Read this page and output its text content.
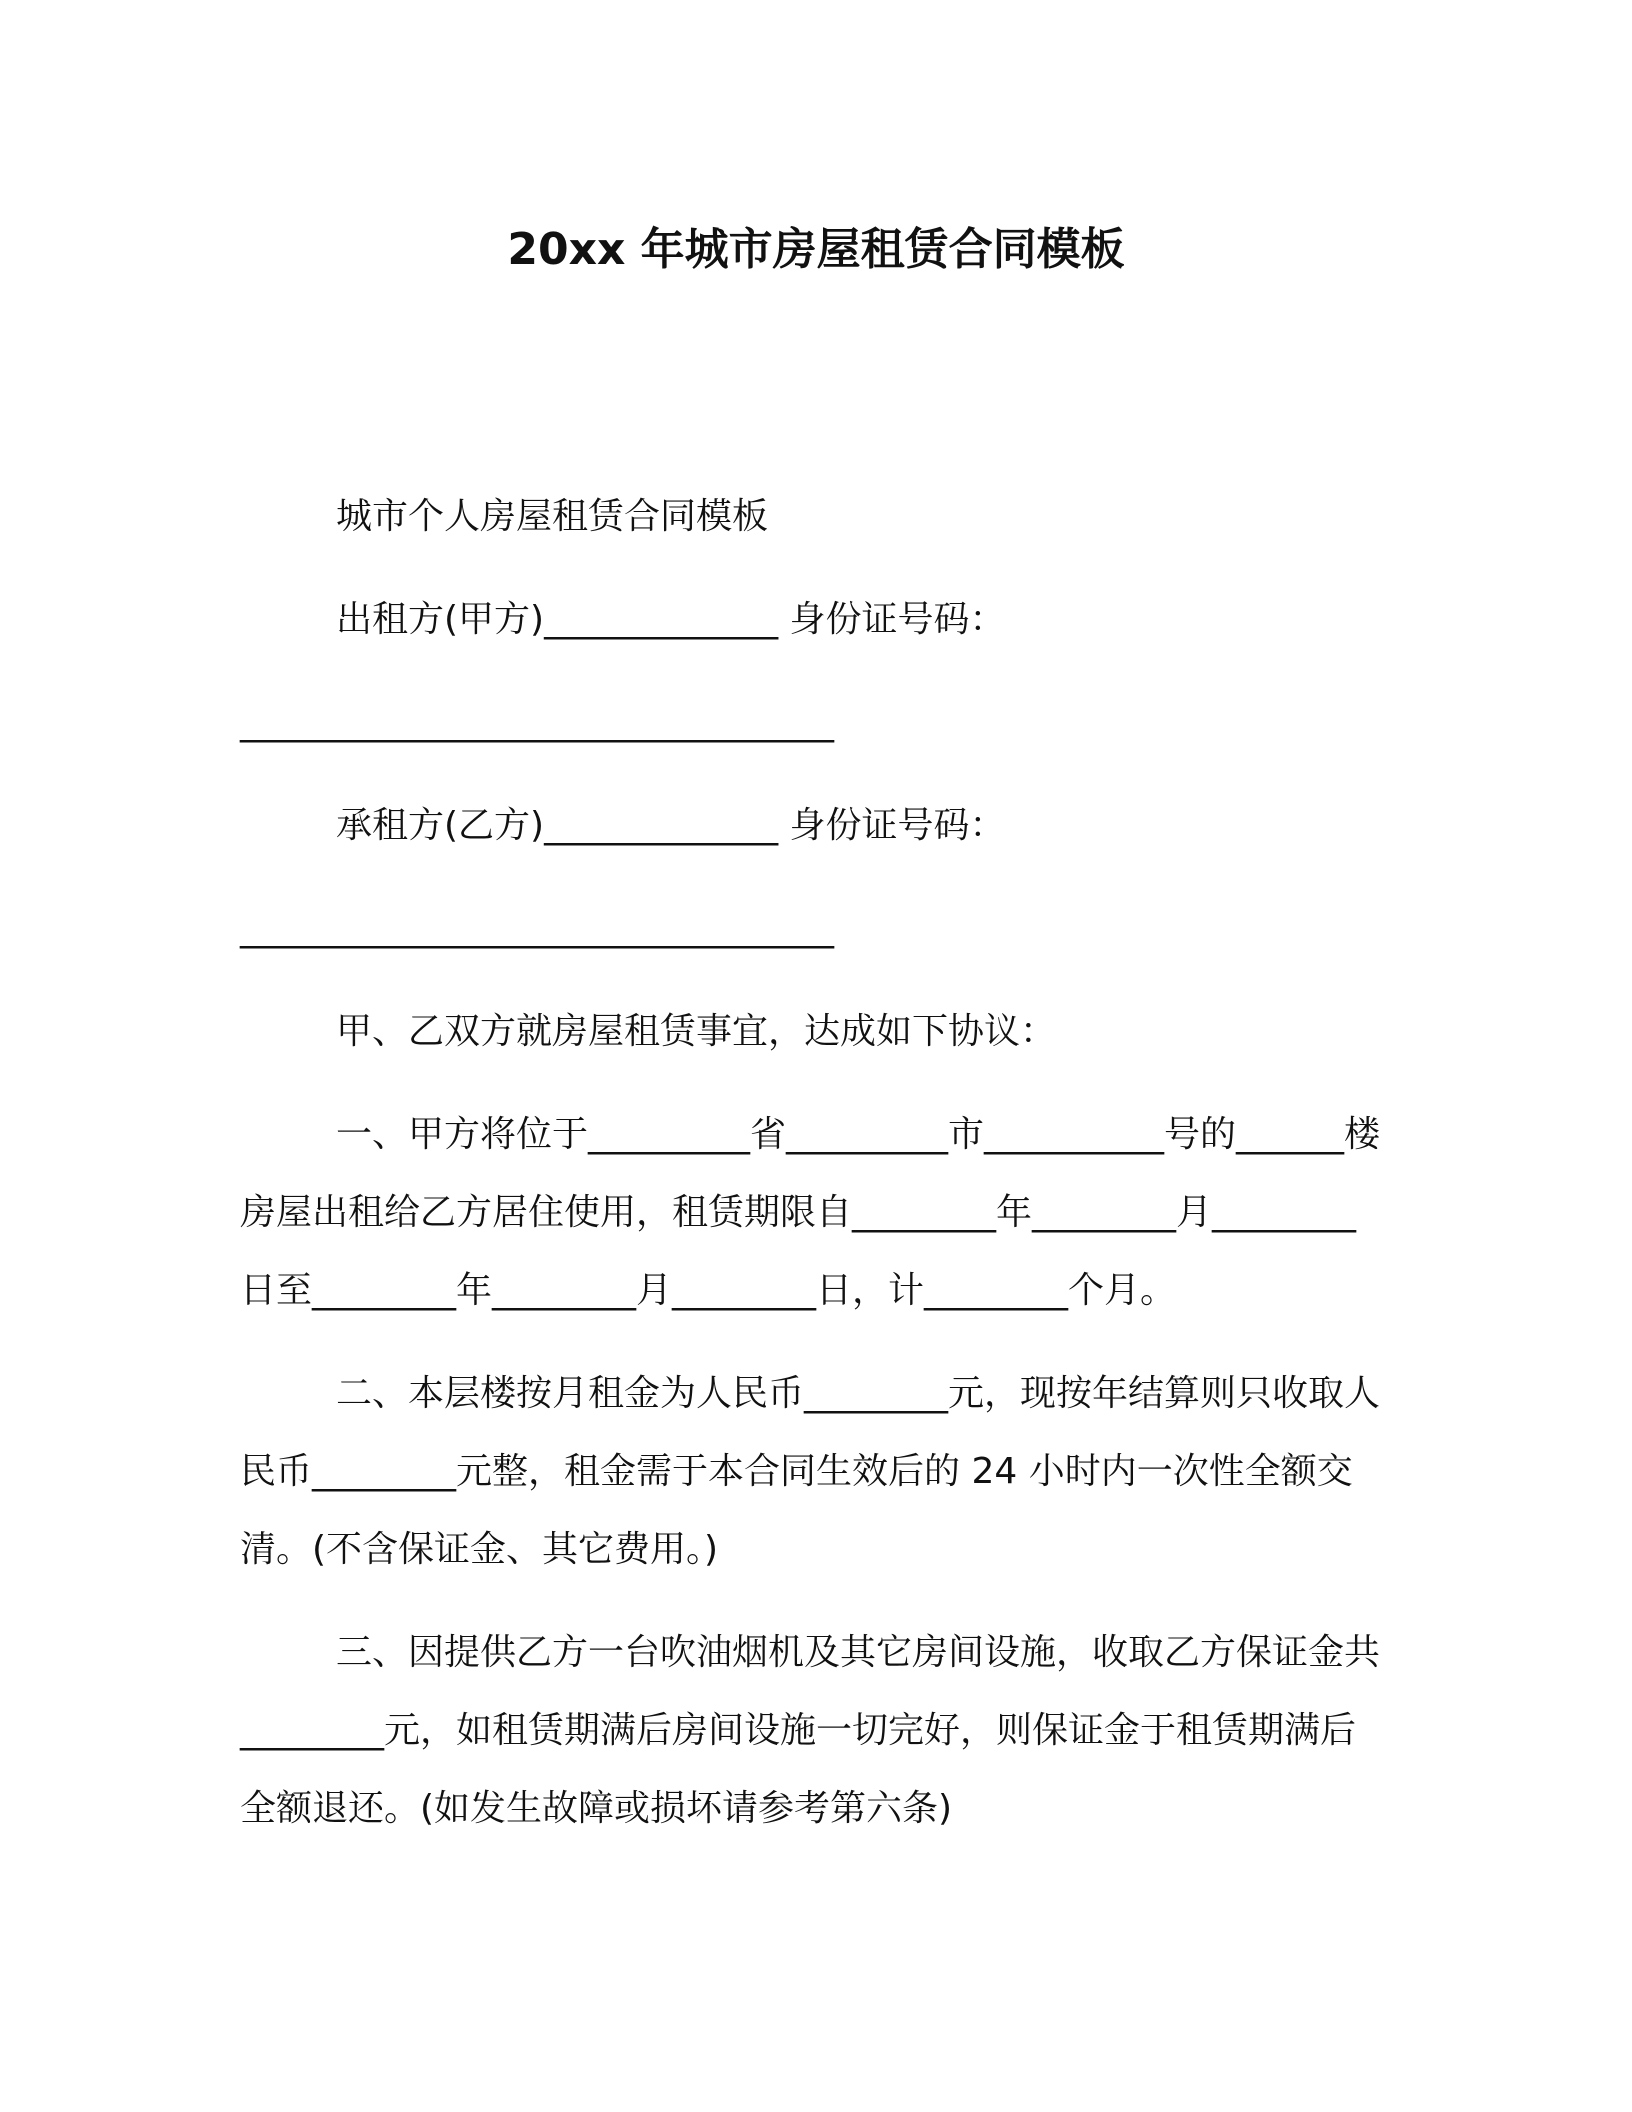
20xx 年城市房屋租赁合同模板

城市个人房屋租赁合同模板

出租方(甲方)_____________ 身份证号码：

_________________________________

承租方(乙方)_____________ 身份证号码：

_________________________________

甲、乙双方就房屋租赁事宜，达成如下协议：

一、甲方将位于_________省_________市__________号的______楼房屋出租给乙方居住使用，租赁期限自________年________月________日至________年________月________日，计________个月。

二、本层楼按月租金为人民币________元，现按年结算则只收取人民币________元整，租金需于本合同生效后的 24 小时内一次性全额交清。(不含保证金、其它费用。)

三、因提供乙方一台吹油烟机及其它房间设施，收取乙方保证金共________元，如租赁期满后房间设施一切完好，则保证金于租赁期满后全额退还。(如发生故障或损坏请参考第六条)
